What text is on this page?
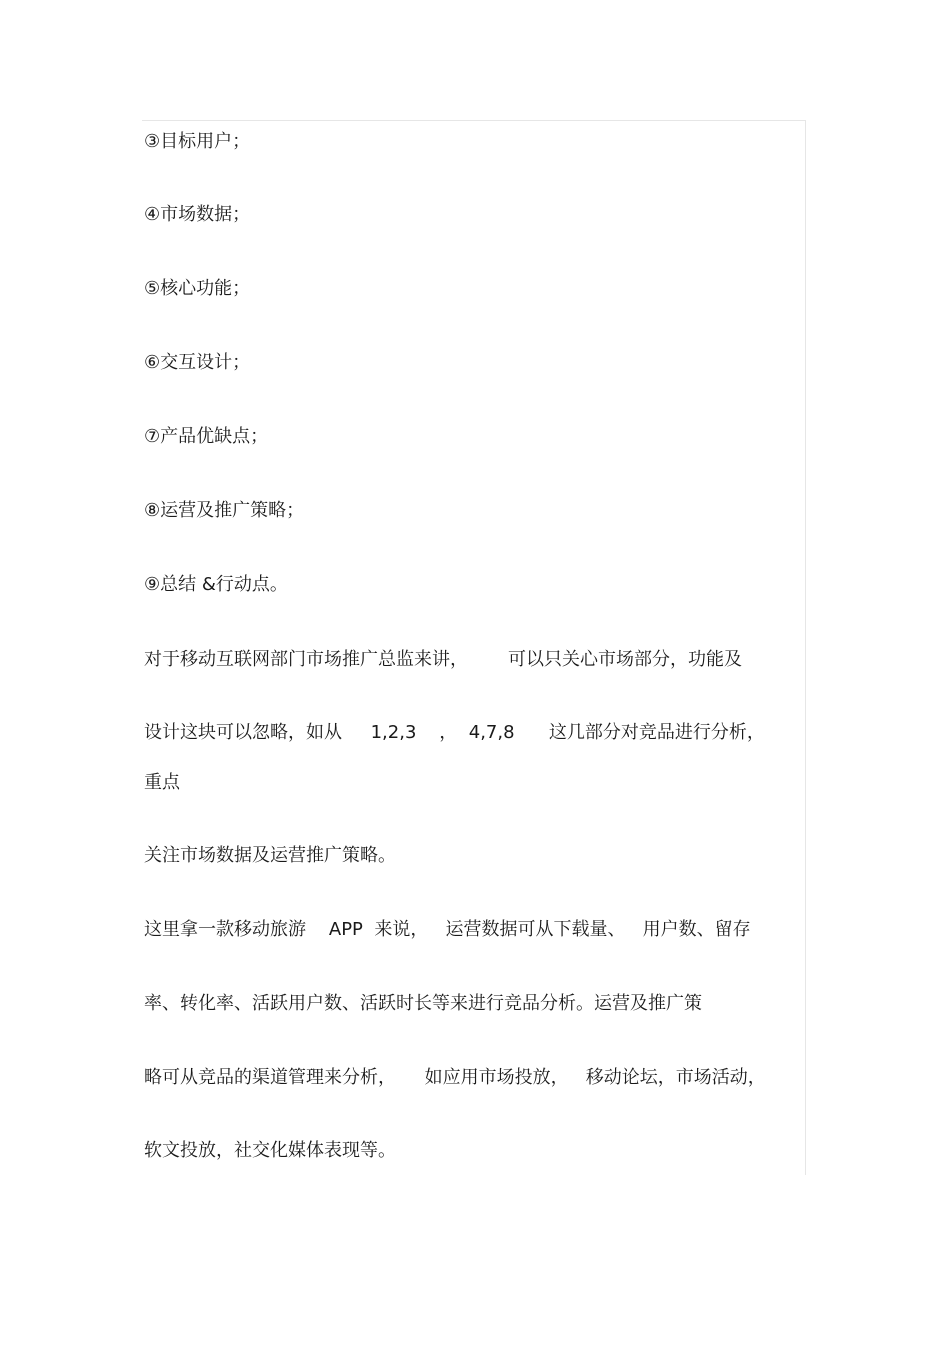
③目标用户；

④市场数据；

⑤核心功能；

⑥交互设计；

⑦产品优缺点；

⑧运营及推广策略；

⑨总结 &行动点。

对于移动互联网部门市场推广总监来讲，       可以只关心市场部分，功能及

设计这块可以忽略，如从     1,2,3    ，  4,7,8      这几部分对竞品进行分析，

重点

关注市场数据及运营推广策略。

这里拿一款移动旅游    APP  来说，   运营数据可从下载量、   用户数、留存

率、转化率、活跃用户数、活跃时长等来进行竞品分析。运营及推广策

略可从竞品的渠道管理来分析，     如应用市场投放，   移动论坛，市场活动，

软文投放，社交化媒体表现等。
